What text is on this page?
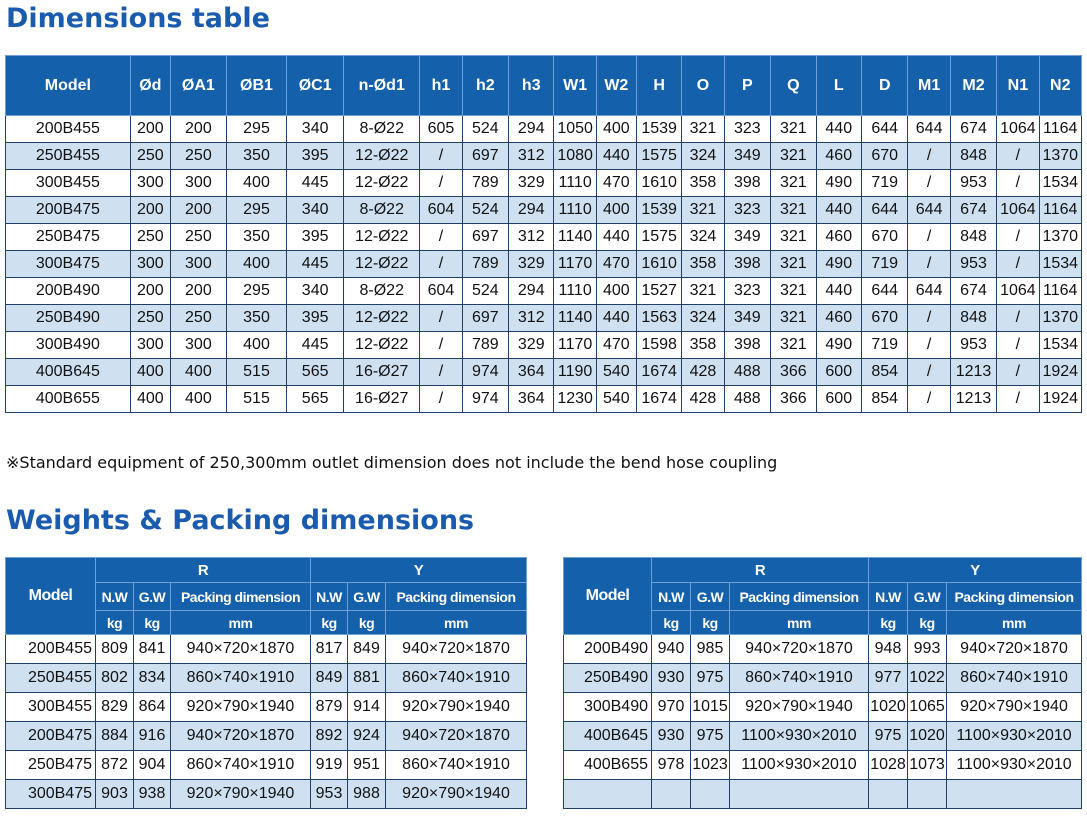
Dimensions table
Model	Ød	ØA1	ØB1	ØC1	n-Ød1	h1	h2	h3	W1	W2	H	O	P	Q	L	D	M1	M2	N1	N2
200B455	200	200	295	340	8-Ø22	605	524	294	1050	400	1539	321	323	321	440	644	644	674	1064	1164
250B455	250	250	350	395	12-Ø22	/	697	312	1080	440	1575	324	349	321	460	670	/	848	/	1370
300B455	300	300	400	445	12-Ø22	/	789	329	1110	470	1610	358	398	321	490	719	/	953	/	1534
200B475	200	200	295	340	8-Ø22	604	524	294	1110	400	1539	321	323	321	440	644	644	674	1064	1164
250B475	250	250	350	395	12-Ø22	/	697	312	1140	440	1575	324	349	321	460	670	/	848	/	1370
300B475	300	300	400	445	12-Ø22	/	789	329	1170	470	1610	358	398	321	490	719	/	953	/	1534
200B490	200	200	295	340	8-Ø22	604	524	294	1110	400	1527	321	323	321	440	644	644	674	1064	1164
250B490	250	250	350	395	12-Ø22	/	697	312	1140	440	1563	324	349	321	460	670	/	848	/	1370
300B490	300	300	400	445	12-Ø22	/	789	329	1170	470	1598	358	398	321	490	719	/	953	/	1534
400B645	400	400	515	565	16-Ø27	/	974	364	1190	540	1674	428	488	366	600	854	/	1213	/	1924
400B655	400	400	515	565	16-Ø27	/	974	364	1230	540	1674	428	488	366	600	854	/	1213	/	1924
※Standard equipment of 250,300mm outlet dimension does not include the bend hose coupling
Weights & Packing dimensions
Model	R			Y		
	N.W	G.W	Packing dimension	N.W	G.W	Packing dimension
	kg	kg	mm	kg	kg	mm
200B455	809	841	940×720×1870	817	849	940×720×1870
250B455	802	834	860×740×1910	849	881	860×740×1910
300B455	829	864	920×790×1940	879	914	920×790×1940
200B475	884	916	940×720×1870	892	924	940×720×1870
250B475	872	904	860×740×1910	919	951	860×740×1910
300B475	903	938	920×790×1940	953	988	920×790×1940
Model	R			Y		
	N.W	G.W	Packing dimension	N.W	G.W	Packing dimension
	kg	kg	mm	kg	kg	mm
200B490	940	985	940×720×1870	948	993	940×720×1870
250B490	930	975	860×740×1910	977	1022	860×740×1910
300B490	970	1015	920×790×1940	1020	1065	920×790×1940
400B645	930	975	1100×930×2010	975	1020	1100×930×2010
400B655	978	1023	1100×930×2010	1028	1073	1100×930×2010
